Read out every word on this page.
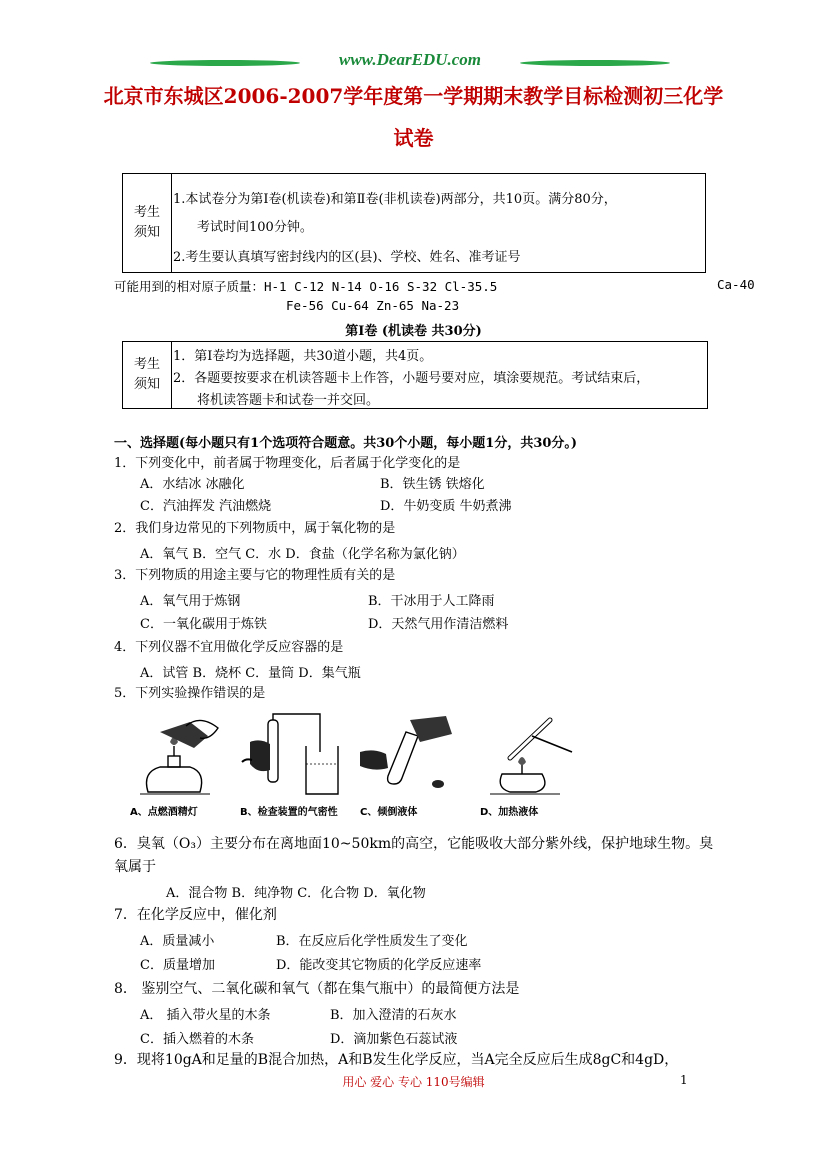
www.DearEDU.com
北京市东城区2006-2007学年度第一学期期末教学目标检测初三化学
试卷
考生
须知
1.本试卷分为第Ⅰ卷(机读卷)和第Ⅱ卷(非机读卷)两部分，共10页。满分80分，
考试时间100分钟。
2.考生要认真填写密封线内的区(县)、学校、姓名、准考证号
可能用到的相对原子质量：H-1 C-12 N-14 O-16 S-32 Cl-35.5	Ca-40
Fe-56 Cu-64 Zn-65 Na-23
第Ⅰ卷 (机读卷 共30分)
考生
须知
1．第Ⅰ卷均为选择题，共30道小题，共4页。
2．各题要按要求在机读答题卡上作答，小题号要对应，填涂要规范。考试结束后，
将机读答题卡和试卷一并交回。
一、选择题(每小题只有1个选项符合题意。共30个小题，每小题1分，共30分。)
1．下列变化中，前者属于物理变化，后者属于化学变化的是
A．水结冰 冰融化	B．铁生锈 铁熔化
C．汽油挥发 汽油燃烧	D．牛奶变质 牛奶煮沸
2．我们身边常见的下列物质中，属于氧化物的是
A．氧气 B．空气 C．水 D．食盐（化学名称为氯化钠）
3．下列物质的用途主要与它的物理性质有关的是
A．氧气用于炼钢	B．干冰用于人工降雨
C．一氧化碳用于炼铁	D．天然气用作清洁燃料
4．下列仪器不宜用做化学反应容器的是
A．试管 B．烧杯 C．量筒 D．集气瓶
5．下列实验操作错误的是
A、点燃酒精灯	B、检查装置的气密性	C、倾倒液体	D、加热液体
6．臭氧（O₃）主要分布在离地面10~50km的高空，它能吸收大部分紫外线，保护地球生物。臭
氧属于
A．混合物 B．纯净物 C．化合物 D．氧化物
7．在化学反应中，催化剂
A．质量减小	B．在反应后化学性质发生了变化
C．质量增加	D．能改变其它物质的化学反应速率
8． 鉴别空气、二氧化碳和氧气（都在集气瓶中）的最简便方法是
A． 插入带火星的木条	B．加入澄清的石灰水
C．插入燃着的木条	D．滴加紫色石蕊试液
9．现将10gA和足量的B混合加热，A和B发生化学反应，当A完全反应后生成8gC和4gD，
用心 爱心 专心 110号编辑	1
